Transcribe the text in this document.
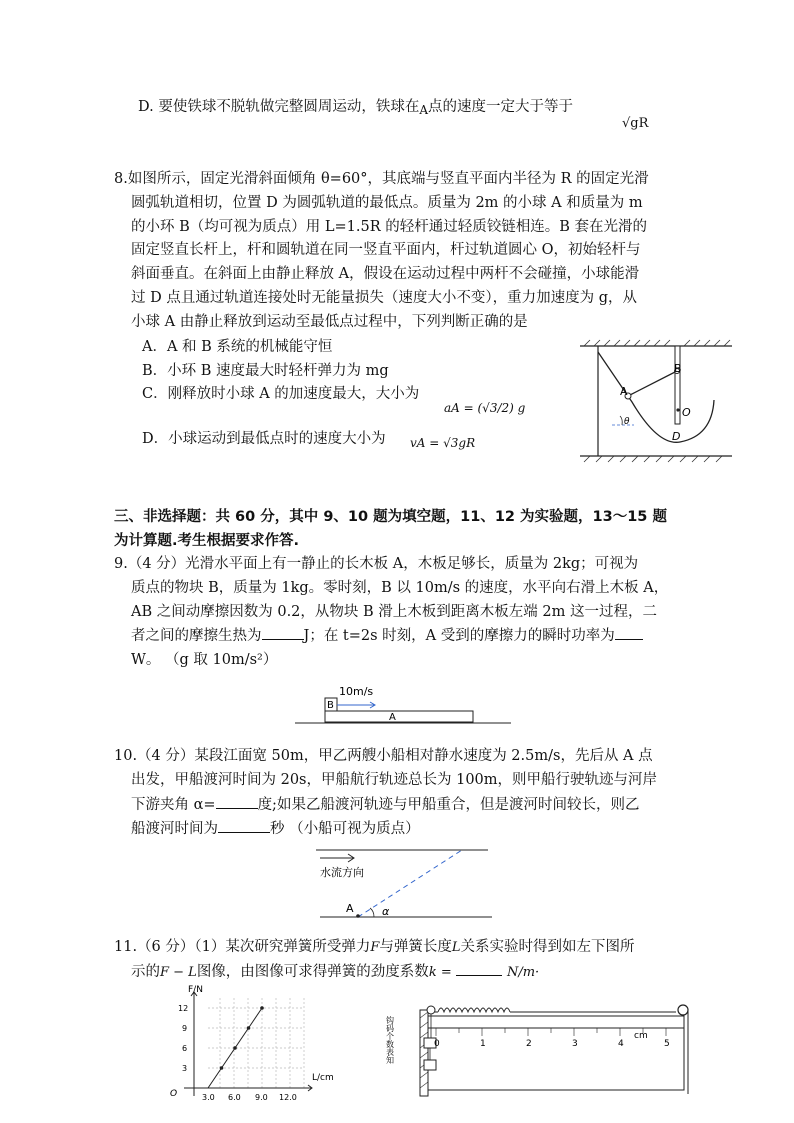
D. 要使铁球不脱轨做完整圆周运动，铁球在$_A$点的速度一定大于等于
√gR
8.如图所示，固定光滑斜面倾角 θ=60°，其底端与竖直平面内半径为 R 的固定光滑
圆弧轨道相切，位置 D 为圆弧轨道的最低点。质量为 2m 的小球 A 和质量为 m
的小环 B（均可视为质点）用 L=1.5R 的轻杆通过轻质铰链相连。B 套在光滑的
固定竖直长杆上，杆和圆轨道在同一竖直平面内，杆过轨道圆心 O，初始轻杆与
斜面垂直。在斜面上由静止释放 A，假设在运动过程中两杆不会碰撞，小球能滑
过 D 点且通过轨道连接处时无能量损失（速度大小不变），重力加速度为 g，从
小球 A 由静止释放到运动至最低点过程中，下列判断正确的是
A．A 和 B 系统的机械能守恒
B．小环 B 速度最大时轻杆弹力为 mg
C．刚释放时小球 A 的加速度最大，大小为
aA = (√3/2) g
D．小球运动到最低点时的速度大小为 vA = √3gR
A
B
O
D
θ
三、非选择题：共 60 分，其中 9、10 题为填空题，11、12 为实验题，13～15 题
为计算题.考生根据要求作答.
9.（4 分）光滑水平面上有一静止的长木板 A，木板足够长，质量为 2kg；可视为
质点的物块 B，质量为 1kg。零时刻，B 以 10m/s 的速度，水平向右滑上木板 A，
AB 之间动摩擦因数为 0.2，从物块 B 滑上木板到距离木板左端 2m 这一过程，二
者之间的摩擦生热为	J；在 t=2s 时刻，A 受到的摩擦力的瞬时功率为
W。 （g 取 10m/s²）
10m/s
B
A
10.（4 分）某段江面宽 50m，甲乙两艘小船相对静水速度为 2.5m/s，先后从 A 点
出发，甲船渡河时间为 20s，甲船航行轨迹总长为 100m，则甲船行驶轨迹与河岸
下游夹角 α=	度;如果乙船渡河轨迹与甲船重合，但是渡河时间较长，则乙
船渡河时间为	秒 （小船可视为质点）
水流方向
A	α
11.（6 分）（1）某次研究弹簧所受弹力F与弹簧长度L关系实验时得到如左下图所
示的F − L图像，由图像可求得弹簧的劲度系数k =	N/m·
F/N
L/cm
O
12
9
6
3
3.0 6.0 9.0 12.0
钩码个数表知	0	1	2	3	4	5
cm
